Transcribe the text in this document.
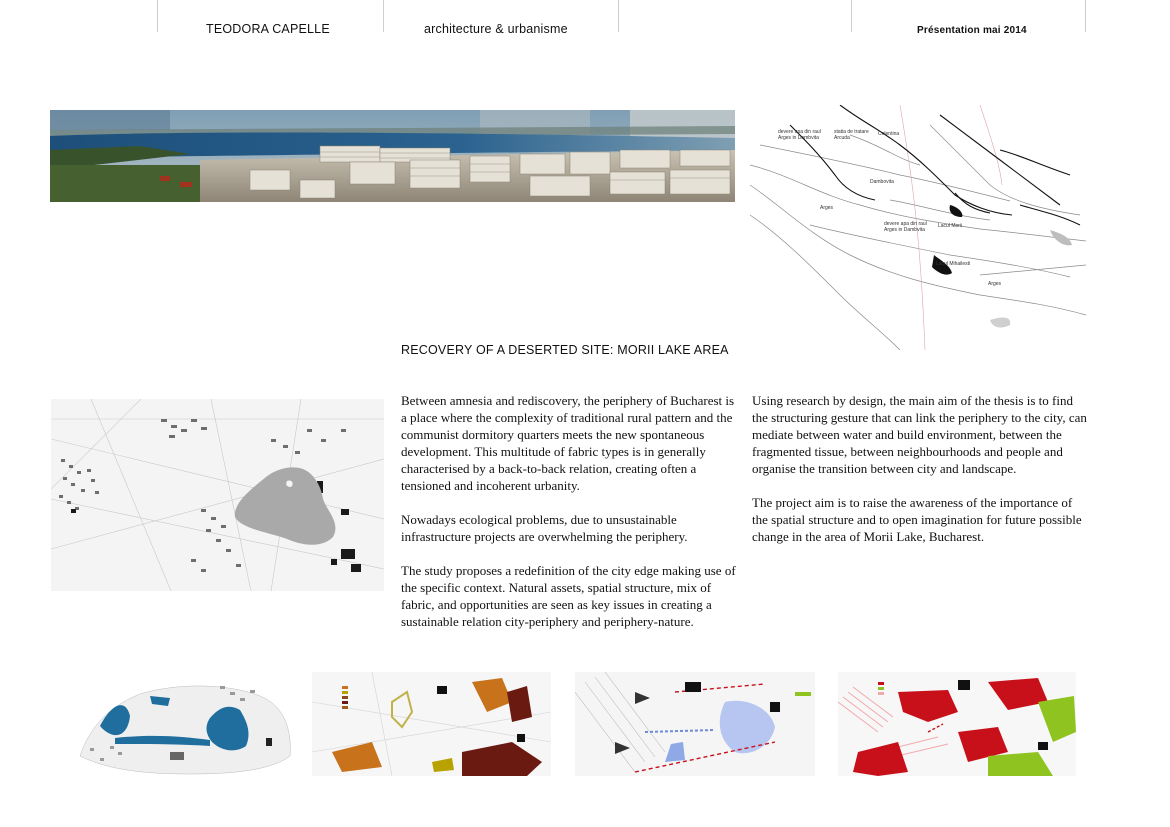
TEODORA CAPELLE	architecture & urbanisme	Présentation mai 2014
devere apa din raul
Arges in Dambvita
statia de tratare
Arcuda
Colentina
Dambovita
Arges
devere apa din raul
Arges in Dambvita
Lacul Morii
Lacul Mihailesti
Arges
RECOVERY OF A DESERTED SITE: MORII LAKE AREA

Between amnesia and rediscovery, the periphery of Bucharest is a place where the complexity of traditional rural pattern and the communist dormitory quarters meets the new spontaneous development. This multitude of fabric types is in generally characterised by a back-to-back relation, creating often a tensioned and incoherent urbanity.

Nowadays ecological problems, due to unsustainable infrastructure projects are overwhelming the periphery.

The study proposes a redefinition of the city edge making use of the specific context. Natural assets, spatial structure, mix of fabric, and opportunities are seen as key issues in creating a sustainable relation city-periphery and periphery-nature.

Using research by design, the main aim of the thesis is to find the structuring gesture that can link the periphery to the city, can mediate between water and build environment, between the fragmented tissue, between neighbourhoods and people and organise the transition between city and landscape.

The project aim is to raise the awareness of the importance of the spatial structure and to open imagination for future possible change in the area of Morii Lake, Bucharest.
